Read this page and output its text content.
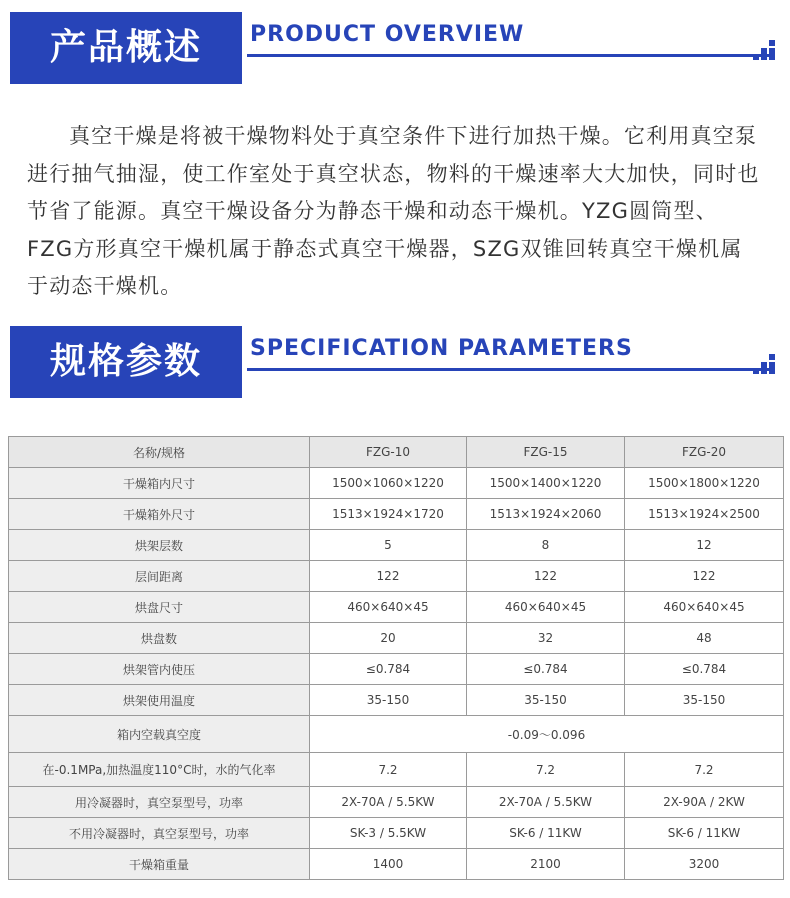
产品概述	PRODUCT OVERVIEW

真空干燥是将被干燥物料处于真空条件下进行加热干燥。它利用真空泵进行抽气抽湿，使工作室处于真空状态，物料的干燥速率大大加快，同时也节省了能源。真空干燥设备分为静态干燥和动态干燥机。YZG圆筒型、FZG方形真空干燥机属于静态式真空干燥器，SZG双锥回转真空干燥机属于动态干燥机。

规格参数	SPECIFICATION PARAMETERS
名称/规格	FZG-10	FZG-15	FZG-20
干燥箱内尺寸	1500×1060×1220	1500×1400×1220	1500×1800×1220
干燥箱外尺寸	1513×1924×1720	1513×1924×2060	1513×1924×2500
烘架层数	5	8	12
层间距离	122	122	122
烘盘尺寸	460×640×45	460×640×45	460×640×45
烘盘数	20	32	48
烘架管内使压	≤0.784	≤0.784	≤0.784
烘架使用温度	35-150	35-150	35-150
箱内空载真空度	-0.09～0.096		
在-0.1MPa,加热温度110°C时，水的气化率	7.2	7.2	7.2
用冷凝器时，真空泵型号，功率	2X-70A / 5.5KW	2X-70A / 5.5KW	2X-90A / 2KW
不用冷凝器时，真空泵型号，功率	SK-3 / 5.5KW	SK-6 / 11KW	SK-6 / 11KW
干燥箱重量	1400	2100	3200
